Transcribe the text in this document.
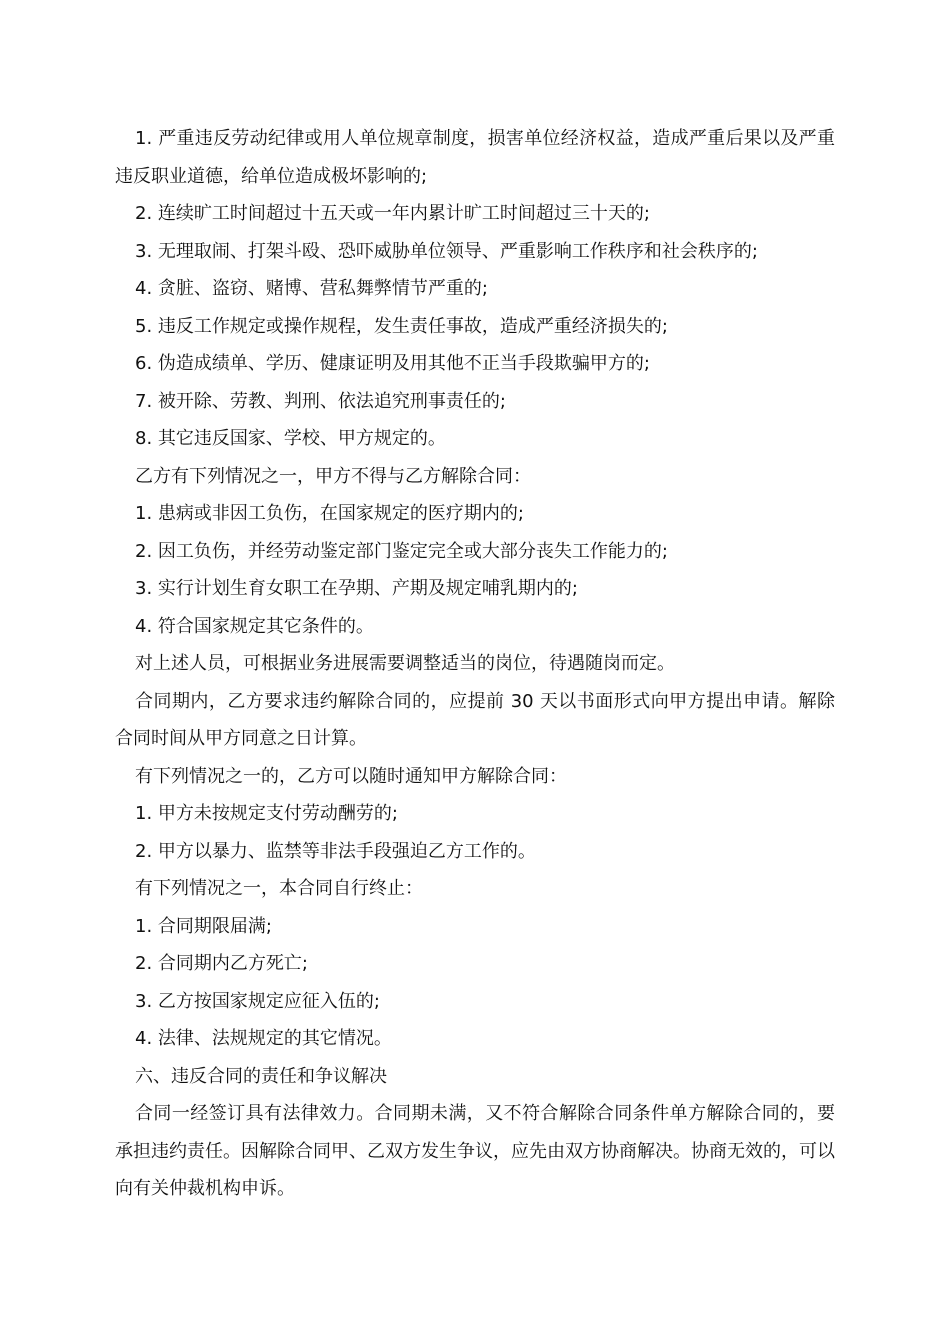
1. 严重违反劳动纪律或用人单位规章制度，损害单位经济权益，造成严重后果以及严重违反职业道德，给单位造成极坏影响的;

2. 连续旷工时间超过十五天或一年内累计旷工时间超过三十天的;

3. 无理取闹、打架斗殴、恐吓威胁单位领导、严重影响工作秩序和社会秩序的;

4. 贪脏、盗窃、赌博、营私舞弊情节严重的;

5. 违反工作规定或操作规程，发生责任事故，造成严重经济损失的;

6. 伪造成绩单、学历、健康证明及用其他不正当手段欺骗甲方的;

7. 被开除、劳教、判刑、依法追究刑事责任的;

8. 其它违反国家、学校、甲方规定的。

乙方有下列情况之一，甲方不得与乙方解除合同：

1. 患病或非因工负伤，在国家规定的医疗期内的;

2. 因工负伤，并经劳动鉴定部门鉴定完全或大部分丧失工作能力的;

3. 实行计划生育女职工在孕期、产期及规定哺乳期内的;

4. 符合国家规定其它条件的。

对上述人员，可根据业务进展需要调整适当的岗位，待遇随岗而定。

合同期内，乙方要求违约解除合同的，应提前 30 天以书面形式向甲方提出申请。解除合同时间从甲方同意之日计算。

有下列情况之一的，乙方可以随时通知甲方解除合同：

1. 甲方未按规定支付劳动酬劳的;

2. 甲方以暴力、监禁等非法手段强迫乙方工作的。

有下列情况之一，本合同自行终止：

1. 合同期限届满;

2. 合同期内乙方死亡;

3. 乙方按国家规定应征入伍的;

4. 法律、法规规定的其它情况。

六、违反合同的责任和争议解决

合同一经签订具有法律效力。合同期未满，又不符合解除合同条件单方解除合同的，要承担违约责任。因解除合同甲、乙双方发生争议，应先由双方协商解决。协商无效的，可以向有关仲裁机构申诉。
